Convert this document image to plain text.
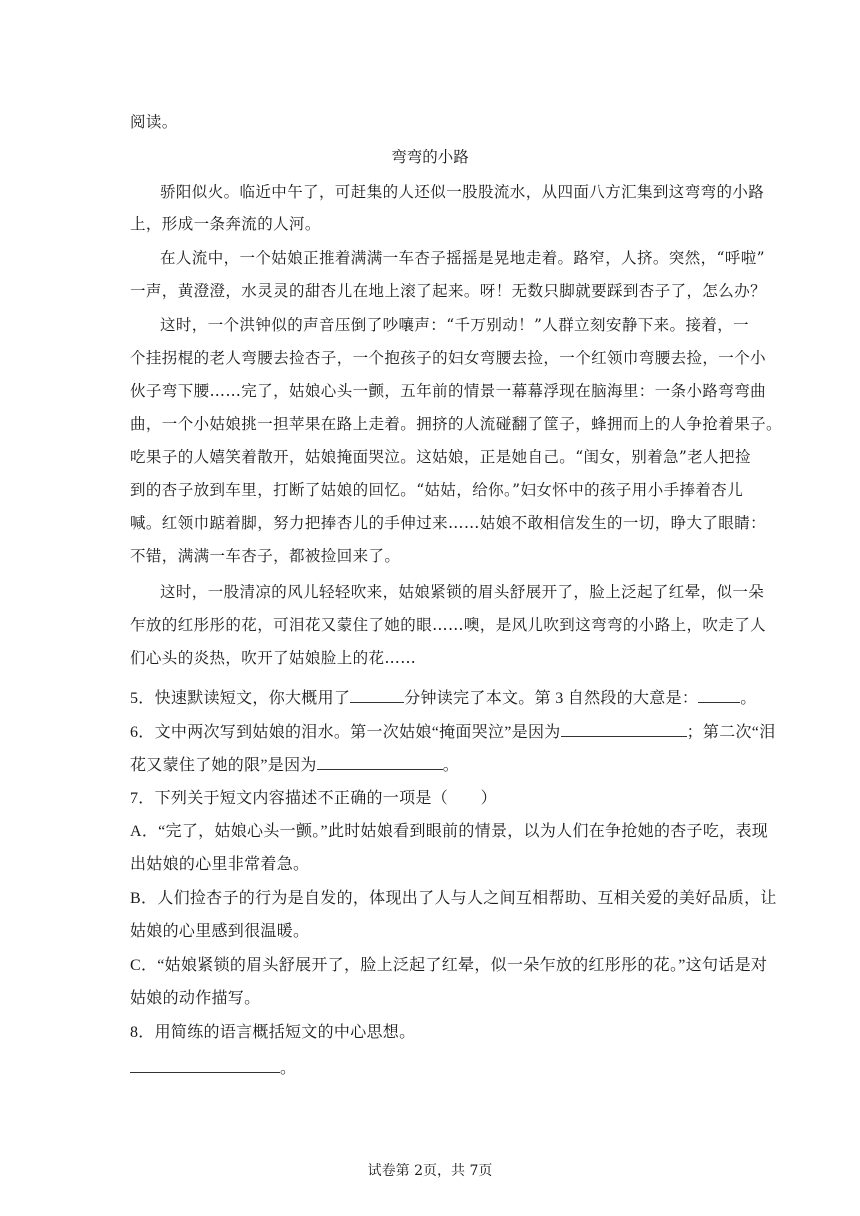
阅读。
弯弯的小路
骄阳似火。临近中午了，可赶集的人还似一股股流水，从四面八方汇集到这弯弯的小路
上，形成一条奔流的人河。
在人流中，一个姑娘正推着满满一车杏子摇摇是晃地走着。路窄，人挤。突然，“呼啦”
一声，黄澄澄，水灵灵的甜杏儿在地上滚了起来。呀！无数只脚就要踩到杏子了，怎么办？
这时，一个洪钟似的声音压倒了吵嚷声：“千万别动！”人群立刻安静下来。接着，一
个挂拐棍的老人弯腰去捡杏子，一个抱孩子的妇女弯腰去捡，一个红领巾弯腰去捡，一个小
伙子弯下腰……完了，姑娘心头一颤，五年前的情景一幕幕浮现在脑海里：一条小路弯弯曲
曲，一个小姑娘挑一担苹果在路上走着。拥挤的人流碰翻了筐子，蜂拥而上的人争抢着果子。
吃果子的人嬉笑着散开，姑娘掩面哭泣。这姑娘，正是她自己。“闺女，别着急”老人把捡
到的杏子放到车里，打断了姑娘的回忆。“姑姑，给你。”妇女怀中的孩子用小手捧着杏儿
喊。红领巾踮着脚，努力把捧杏儿的手伸过来……姑娘不敢相信发生的一切，睁大了眼睛：
不错，满满一车杏子，都被捡回来了。
这时，一股清凉的风儿轻轻吹来，姑娘紧锁的眉头舒展开了，脸上泛起了红晕，似一朵
乍放的红彤彤的花，可泪花又蒙住了她的眼……噢，是风儿吹到这弯弯的小路上，吹走了人
们心头的炎热，吹开了姑娘脸上的花……
5．快速默读短文，你大概用了	分钟读完了本文。第 3 自然段的大意是：	。
6．文中两次写到姑娘的泪水。第一次姑娘“掩面哭泣”是因为	；第二次“泪
花又蒙住了她的限”是因为	。
7．下列关于短文内容描述不正确的一项是（　　）
A．“完了，姑娘心头一颤。”此时姑娘看到眼前的情景，以为人们在争抢她的杏子吃，表现
出姑娘的心里非常着急。
B．人们捡杏子的行为是自发的，体现出了人与人之间互相帮助、互相关爱的美好品质，让
姑娘的心里感到很温暖。
C．“姑娘紧锁的眉头舒展开了，脸上泛起了红晕，似一朵乍放的红彤彤的花。”这句话是对
姑娘的动作描写。
8．用简练的语言概括短文的中心思想。
。
试卷第 2页，共 7页
